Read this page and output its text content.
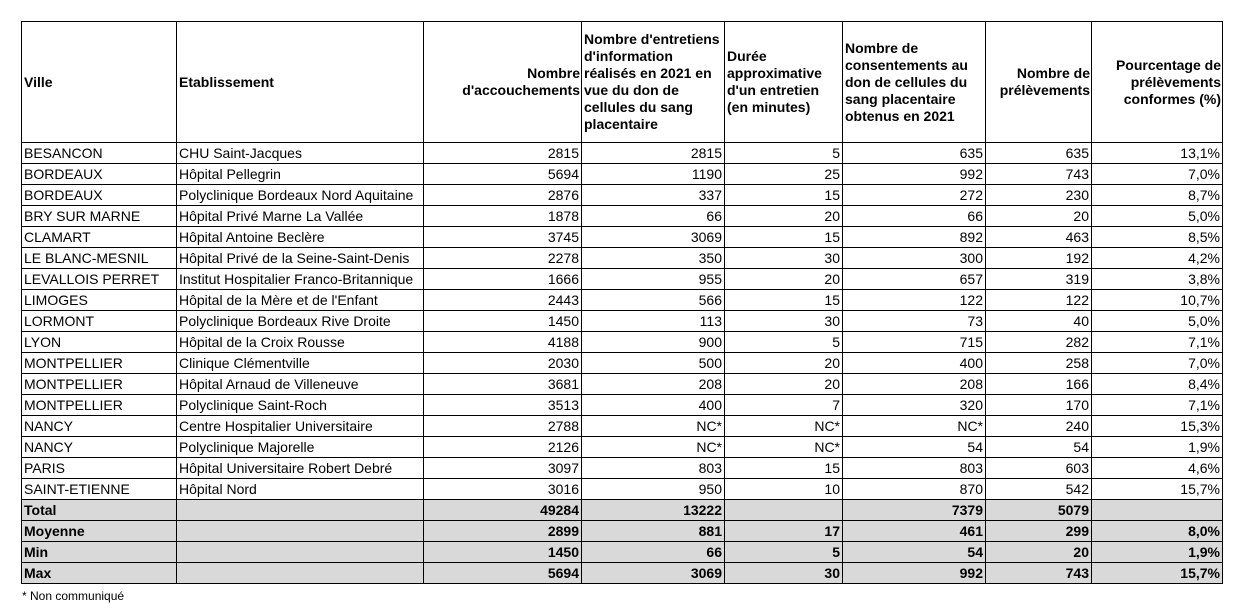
Ville	Etablissement	Nombre d'accouchements	Nombre d'entretiens d'information réalisés en 2021 en vue du don de cellules du sang placentaire	Durée approximative d'un entretien (en minutes)	Nombre de consentements au don de cellules du sang placentaire obtenus en 2021	Nombre de prélèvements	Pourcentage de prélèvements conformes (%)
BESANCON	CHU Saint-Jacques	2815	2815	5	635	635	13,1%
BORDEAUX	Hôpital Pellegrin	5694	1190	25	992	743	7,0%
BORDEAUX	Polyclinique Bordeaux Nord Aquitaine	2876	337	15	272	230	8,7%
BRY SUR MARNE	Hôpital Privé Marne La Vallée	1878	66	20	66	20	5,0%
CLAMART	Hôpital Antoine Beclère	3745	3069	15	892	463	8,5%
LE BLANC-MESNIL	Hôpital Privé de la Seine-Saint-Denis	2278	350	30	300	192	4,2%
LEVALLOIS PERRET	Institut Hospitalier Franco-Britannique	1666	955	20	657	319	3,8%
LIMOGES	Hôpital de la Mère et de l'Enfant	2443	566	15	122	122	10,7%
LORMONT	Polyclinique Bordeaux Rive Droite	1450	113	30	73	40	5,0%
LYON	Hôpital de la Croix Rousse	4188	900	5	715	282	7,1%
MONTPELLIER	Clinique Clémentville	2030	500	20	400	258	7,0%
MONTPELLIER	Hôpital Arnaud de Villeneuve	3681	208	20	208	166	8,4%
MONTPELLIER	Polyclinique Saint-Roch	3513	400	7	320	170	7,1%
NANCY	Centre Hospitalier Universitaire	2788	NC*	NC*	NC*	240	15,3%
NANCY	Polyclinique Majorelle	2126	NC*	NC*	54	54	1,9%
PARIS	Hôpital Universitaire Robert Debré	3097	803	15	803	603	4,6%
SAINT-ETIENNE	Hôpital Nord	3016	950	10	870	542	15,7%
Total		49284	13222		7379	5079	
Moyenne		2899	881	17	461	299	8,0%
Min		1450	66	5	54	20	1,9%
Max		5694	3069	30	992	743	15,7%
* Non communiqué
